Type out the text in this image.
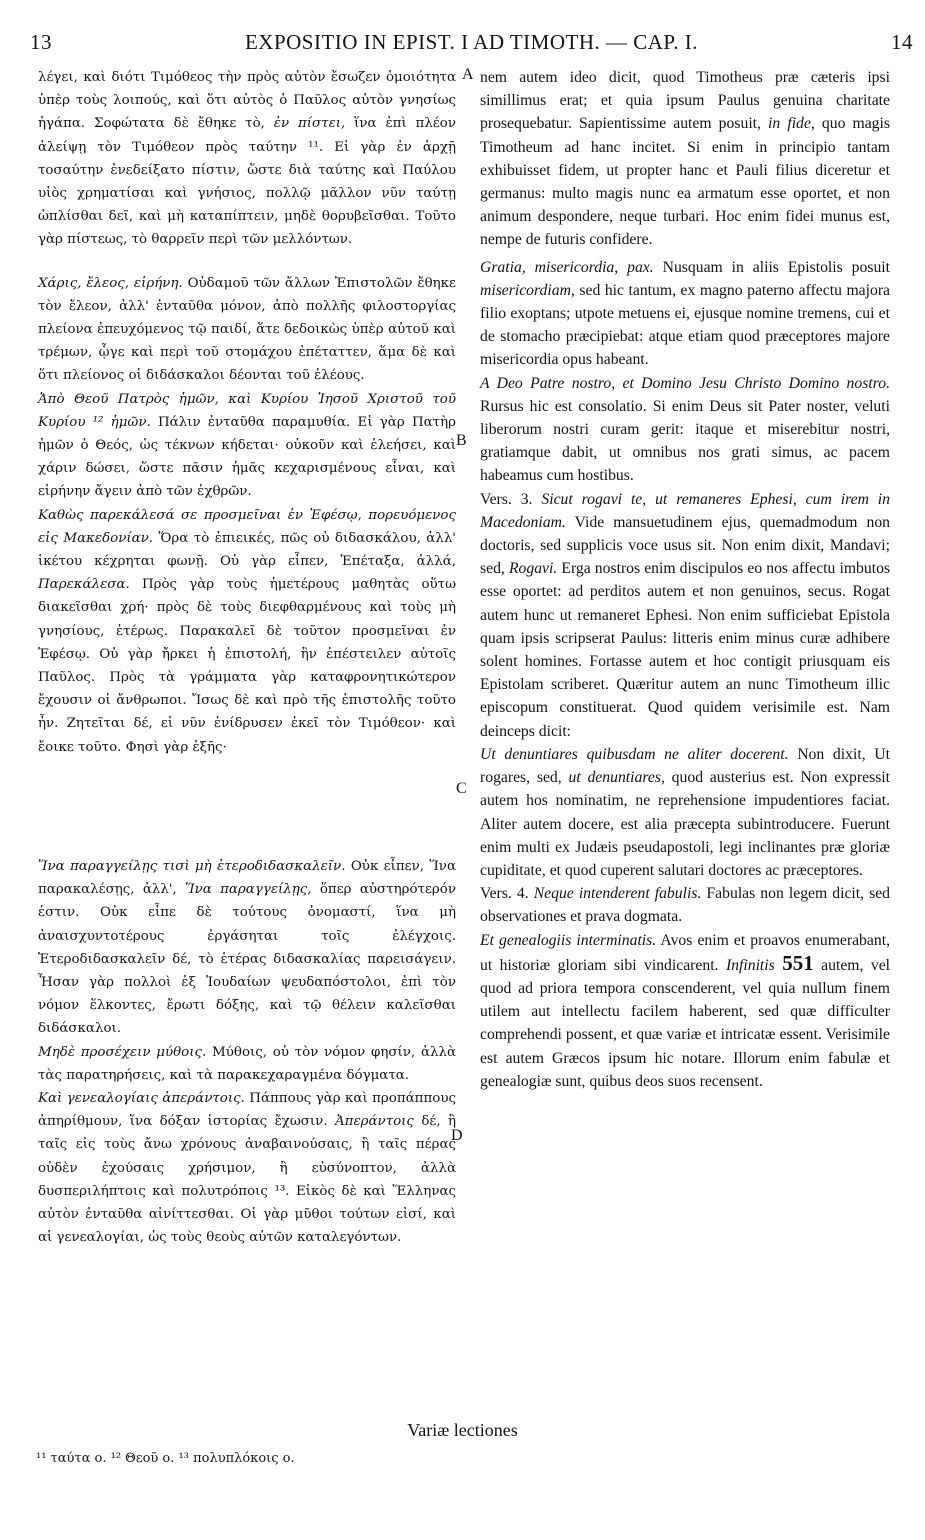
EXPOSITIO IN EPIST. I AD TIMOTH. — CAP. I.
13	14
A
B
C
D

λέγει, καὶ διότι Τιμόθεος τὴν πρὸς αὐτὸν ἔσωζεν ὁμοιότητα ὑπὲρ τοὺς λοιπούς, καὶ ὅτι αὐτὸς ὁ Παῦλος αὐτὸν γνησίως ἠγάπα. Σοφώτατα δὲ ἔθηκε τὸ, ἐν πίστει, ἵνα ἐπὶ πλέον ἀλείψῃ τὸν Τιμόθεον πρὸς ταύτην ¹¹. Εἰ γὰρ ἐν ἀρχῇ τοσαύτην ἐνεδείξατο πίστιν, ὥστε διὰ ταύτης καὶ Παύλου υἱὸς χρηματίσαι καὶ γνήσιος, πολλῷ μᾶλλον νῦν ταύτῃ ὡπλίσθαι δεῖ, καὶ μὴ καταπίπτειν, μηδὲ θορυβεῖσθαι. Τοῦτο γὰρ πίστεως, τὸ θαρρεῖν περὶ τῶν μελλόντων.

Χάρις, ἔλεος, εἰρήνη. Οὐδαμοῦ τῶν ἄλλων Ἐπιστολῶν ἔθηκε τὸν ἔλεον, ἀλλ' ἐνταῦθα μόνον, ἀπὸ πολλῆς φιλοστοργίας πλείονα ἐπευχόμενος τῷ παιδί, ἅτε δεδοικὼς ὑπὲρ αὐτοῦ καὶ τρέμων, ᾧγε καὶ περὶ τοῦ στομάχου ἐπέταττεν, ἅμα δὲ καὶ ὅτι πλείονος οἱ διδάσκαλοι δέονται τοῦ ἐλέους.

Ἀπὸ Θεοῦ Πατρὸς ἡμῶν, καὶ Κυρίου Ἰησοῦ Χριστοῦ τοῦ Κυρίου ¹² ἡμῶν. Πάλιν ἐνταῦθα παραμυθία. Εἰ γὰρ Πατὴρ ἡμῶν ὁ Θεός, ὡς τέκνων κήδεται· οὐκοῦν καὶ ἐλεήσει, καὶ χάριν δώσει, ὥστε πᾶσιν ἡμᾶς κεχαρισμένους εἶναι, καὶ εἰρήνην ἄγειν ἀπὸ τῶν ἐχθρῶν.

Καθὼς παρεκάλεσά σε προσμεῖναι ἐν Ἐφέσῳ, πορευόμενος εἰς Μακεδονίαν. Ὅρα τὸ ἐπιεικές, πῶς οὐ διδασκάλου, ἀλλ' ἱκέτου κέχρηται φωνῇ. Οὐ γὰρ εἶπεν, Ἐπέταξα, ἀλλά, Παρεκάλεσα. Πρὸς γὰρ τοὺς ἡμετέρους μαθητὰς οὕτω διακεῖσθαι χρή· πρὸς δὲ τοὺς διεφθαρμένους καὶ τοὺς μὴ γνησίους, ἑτέρως. Παρακαλεῖ δὲ τοῦτον προσμεῖναι ἐν Ἐφέσῳ. Οὐ γὰρ ἤρκει ἡ ἐπιστολή, ἣν ἐπέστειλεν αὐτοῖς Παῦλος. Πρὸς τὰ γράμματα γὰρ καταφρονητικώτερον ἔχουσιν οἱ ἄνθρωποι. Ἴσως δὲ καὶ πρὸ τῆς ἐπιστολῆς τοῦτο ἦν. Ζητεῖται δέ, εἰ νῦν ἐνίδρυσεν ἐκεῖ τὸν Τιμόθεον· καὶ ἔοικε τοῦτο. Φησὶ γὰρ ἑξῆς·

Ἵνα παραγγείλῃς τισὶ μὴ ἑτεροδιδασκαλεῖν. Οὐκ εἶπεν, Ἵνα παρακαλέσῃς, ἀλλ', Ἵνα παραγγείλῃς, ὅπερ αὐστηρότερόν ἐστιν. Οὐκ εἶπε δὲ τούτους ὀνομαστί, ἵνα μὴ ἀναισχυντοτέρους ἐργάσηται τοῖς ἐλέγχοις. Ἑτεροδιδασκαλεῖν δέ, τὸ ἑτέρας διδασκαλίας παρεισάγειν. Ἦσαν γὰρ πολλοὶ ἐξ Ἰουδαίων ψευδαπόστολοι, ἐπὶ τὸν νόμον ἕλκοντες, ἔρωτι δόξης, καὶ τῷ θέλειν καλεῖσθαι διδάσκαλοι.

Μηδὲ προσέχειν μύθοις. Μύθοις, οὐ τὸν νόμον φησίν, ἀλλὰ τὰς παρατηρήσεις, καὶ τὰ παρακεχαραγμένα δόγματα.

Καὶ γενεαλογίαις ἀπεράντοις. Πάππους γὰρ καὶ προπάππους ἀπηρίθμουν, ἵνα δόξαν ἱστορίας ἔχωσιν. Ἀπεράντοις δέ, ἢ ταῖς εἰς τοὺς ἄνω χρόνους ἀναβαινούσαις, ἢ ταῖς πέρας οὐδὲν ἐχούσαις χρήσιμον, ἢ εὐσύνοπτον, ἀλλὰ δυσπεριλήπτοις καὶ πολυτρόποις ¹³. Εἰκὸς δὲ καὶ Ἕλληνας αὐτὸν ἐνταῦθα αἰνίττεσθαι. Οἱ γὰρ μῦθοι τούτων εἰσί, καὶ αἱ γενεαλογίαι, ὡς τοὺς θεοὺς αὐτῶν καταλεγόντων.

nem autem ideo dicit, quod Timotheus præ cæteris ipsi simillimus erat; et quia ipsum Paulus genuina charitate prosequebatur. Sapientissime autem posuit, in fide, quo magis Timotheum ad hanc incitet. Si enim in principio tantam exhibuisset fidem, ut propter hanc et Pauli filius diceretur et germanus: multo magis nunc ea armatum esse oportet, et non animum despondere, neque turbari. Hoc enim fidei munus est, nempe de futuris confidere.

Gratia, misericordia, pax. Nusquam in aliis Epistolis posuit misericordiam, sed hic tantum, ex magno paterno affectu majora filio exoptans; utpote metuens ei, ejusque nomine tremens, cui et de stomacho præcipiebat: atque etiam quod præceptores majore misericordia opus habeant.

A Deo Patre nostro, et Domino Jesu Christo Domino nostro. Rursus hic est consolatio. Si enim Deus sit Pater noster, veluti liberorum nostri curam gerit: itaque et miserebitur nostri, gratiamque dabit, ut omnibus nos grati simus, ac pacem habeamus cum hostibus.

Vers. 3. Sicut rogavi te, ut remaneres Ephesi, cum irem in Macedoniam. Vide mansuetudinem ejus, quemadmodum non doctoris, sed supplicis voce usus sit. Non enim dixit, Mandavi; sed, Rogavi. Erga nostros enim discipulos eo nos affectu imbutos esse oportet: ad perditos autem et non genuinos, secus. Rogat autem hunc ut remaneret Ephesi. Non enim sufficiebat Epistola quam ipsis scripserat Paulus: litteris enim minus curæ adhibere solent homines. Fortasse autem et hoc contigit priusquam eis Epistolam scriberet. Quæritur autem an nunc Timotheum illic episcopum constituerat. Quod quidem verisimile est. Nam deinceps dicit:

Ut denuntiares quibusdam ne aliter docerent. Non dixit, Ut rogares, sed, ut denuntiares, quod austerius est. Non expressit autem hos nominatim, ne reprehensione impudentiores faciat. Aliter autem docere, est alia præcepta subintroducere. Fuerunt enim multi ex Judæis pseudapostoli, legi inclinantes præ gloriæ cupiditate, et quod cuperent salutari doctores ac præceptores.

Vers. 4. Neque intenderent fabulis. Fabulas non legem dicit, sed observationes et prava dogmata.

Et genealogiis interminatis. Avos enim et proavos enumerabant, ut historiæ gloriam sibi vindicarent. Infinitis 551 autem, vel quod ad priora tempora conscenderent, vel quia nullum finem utilem aut intellectu facilem haberent, sed quæ difficulter comprehendi possent, et quæ variæ et intricatæ essent. Verisimile est autem Græcos ipsum hic notare. Illorum enim fabulæ et genealogiæ sunt, quibus deos suos recensent.

Variæ lectiones
¹¹ ταύτα ο. ¹² Θεοῦ ο. ¹³ πολυπλόκοις ο.
